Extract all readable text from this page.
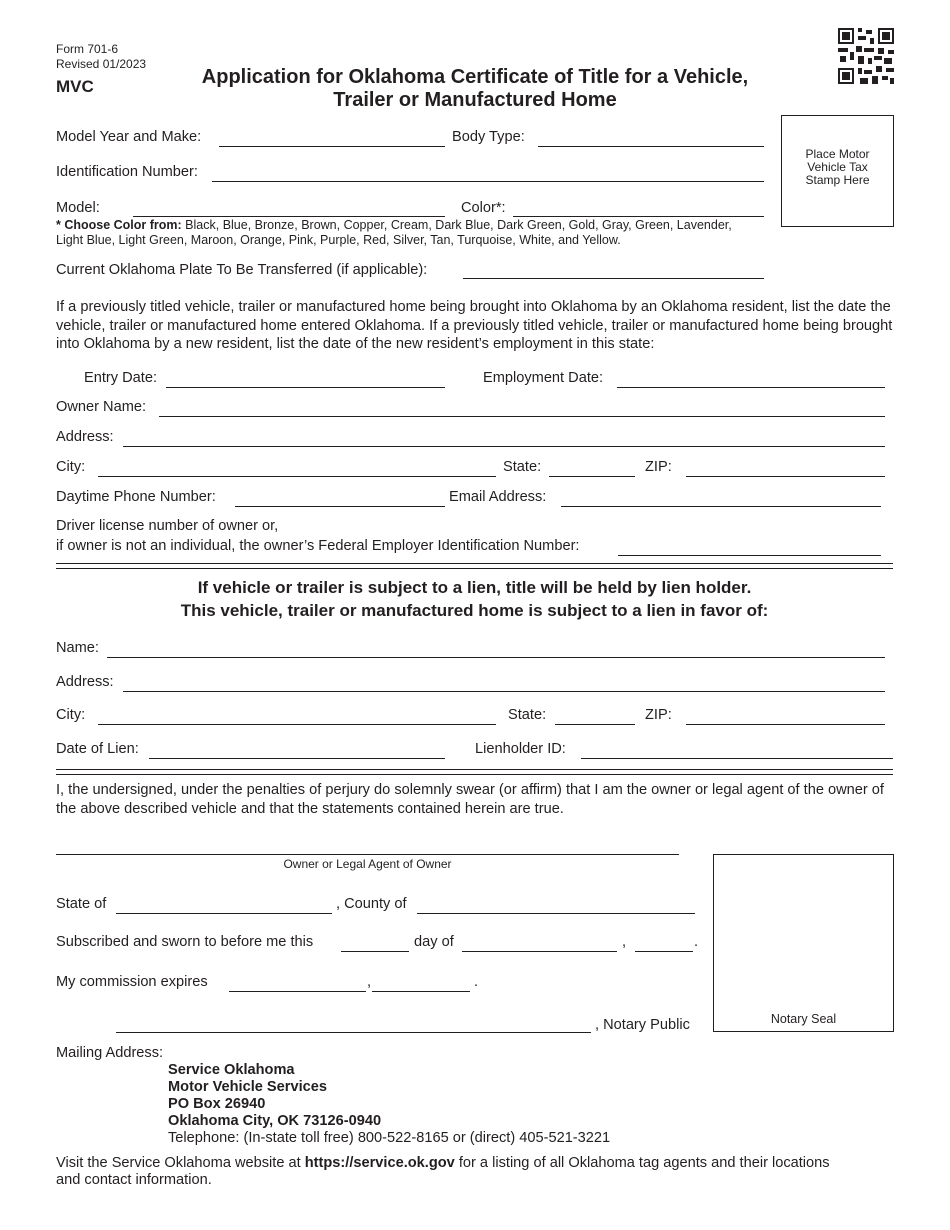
Form 701-6
Revised 01/2023
MVC	Application for Oklahoma Certificate of Title for a Vehicle,
Trailer or Manufactured Home
Place Motor Vehicle Tax Stamp Here
Model Year and Make:	Body Type:
Identification Number:
Model:	Color*:
* Choose Color from: Black, Blue, Bronze, Brown, Copper, Cream, Dark Blue, Dark Green, Gold, Gray, Green, Lavender,
Light Blue, Light Green, Maroon, Orange, Pink, Purple, Red, Silver, Tan, Turquoise, White, and Yellow.
Current Oklahoma Plate To Be Transferred (if applicable):
If a previously titled vehicle, trailer or manufactured home being brought into Oklahoma by an Oklahoma resident, list the date the vehicle, trailer or manufactured home entered Oklahoma. If a previously titled vehicle, trailer or manufactured home being brought into Oklahoma by a new resident, list the date of the new resident’s employment in this state:
Entry Date:	Employment Date:
Owner Name:
Address:
City:	State:	ZIP:
Daytime Phone Number:	Email Address:
Driver license number of owner or,
if owner is not an individual, the owner’s Federal Employer Identification Number:
If vehicle or trailer is subject to a lien, title will be held by lien holder.
This vehicle, trailer or manufactured home is subject to a lien in favor of:
Name:
Address:
City:	State:	ZIP:
Date of Lien:	Lienholder ID:
I, the undersigned, under the penalties of perjury do solemnly swear (or affirm) that I am the owner or legal agent of the owner of the above described vehicle and that the statements contained herein are true.
Owner or Legal Agent of Owner
Notary Seal
State of	, County of
Subscribed and sworn to before me this	day of	,	.
My commission expires	,	.
, Notary Public
Mailing Address:
Service Oklahoma
Motor Vehicle Services
PO Box 26940
Oklahoma City, OK 73126-0940
Telephone: (In-state toll free) 800-522-8165 or (direct) 405-521-3221
Visit the Service Oklahoma website at https://service.ok.gov for a listing of all Oklahoma tag agents and their locations
and contact information.
